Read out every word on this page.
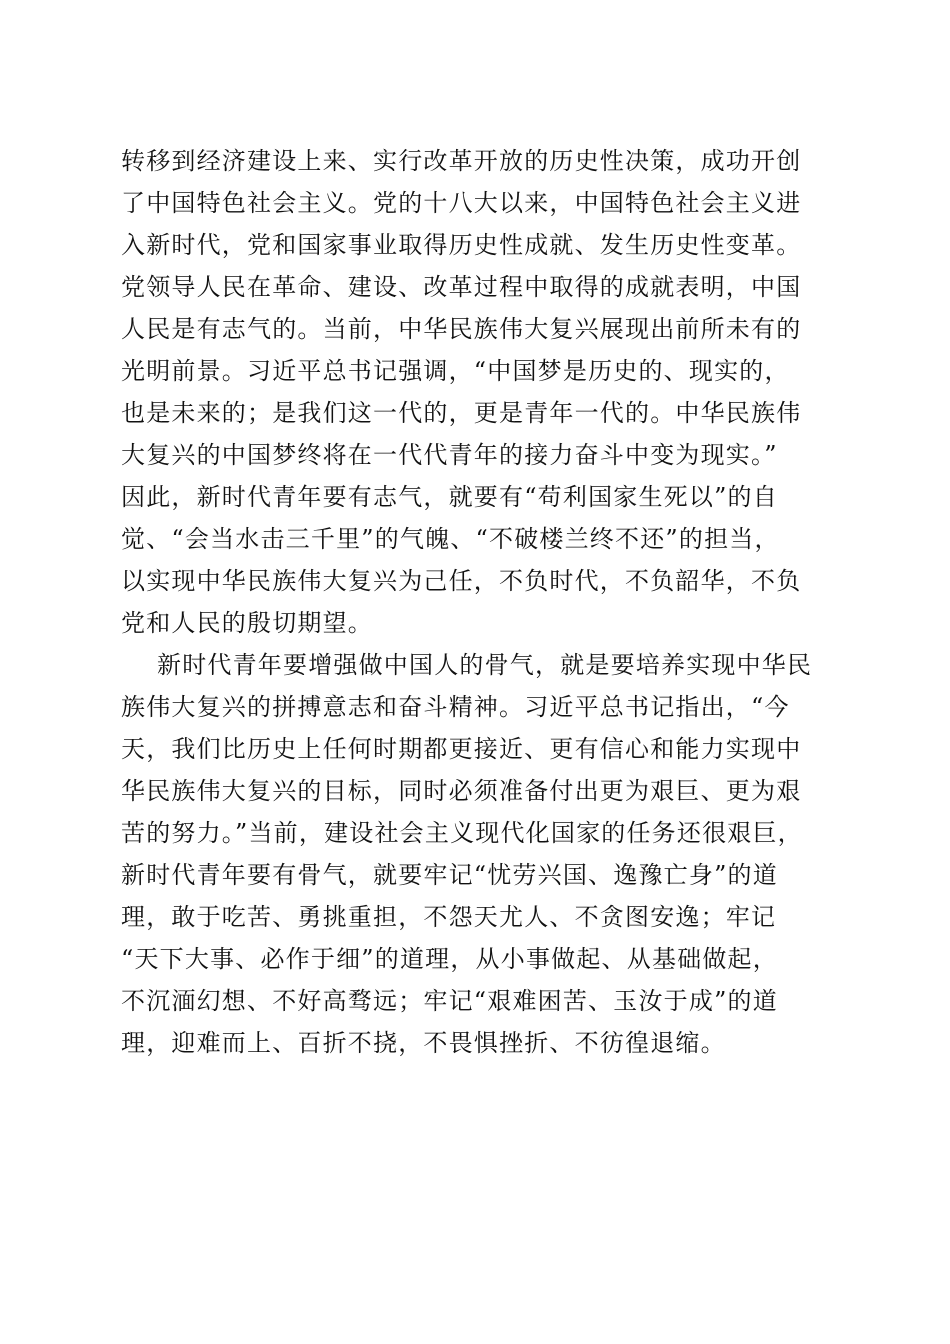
转移到经济建设上来、实行改革开放的历史性决策，成功开创
了中国特色社会主义。党的十八大以来，中国特色社会主义进
入新时代，党和国家事业取得历史性成就、发生历史性变革。
党领导人民在革命、建设、改革过程中取得的成就表明，中国
人民是有志气的。当前，中华民族伟大复兴展现出前所未有的
光明前景。习近平总书记强调，“中国梦是历史的、现实的，
也是未来的；是我们这一代的，更是青年一代的。中华民族伟
大复兴的中国梦终将在一代代青年的接力奋斗中变为现实。”
因此，新时代青年要有志气，就要有“苟利国家生死以”的自
觉、“会当水击三千里”的气魄、“不破楼兰终不还”的担当，
以实现中华民族伟大复兴为己任，不负时代，不负韶华，不负
党和人民的殷切期望。
新时代青年要增强做中国人的骨气，就是要培养实现中华民
族伟大复兴的拼搏意志和奋斗精神。习近平总书记指出，“今
天，我们比历史上任何时期都更接近、更有信心和能力实现中
华民族伟大复兴的目标，同时必须准备付出更为艰巨、更为艰
苦的努力。”当前，建设社会主义现代化国家的任务还很艰巨，
新时代青年要有骨气，就要牢记“忧劳兴国、逸豫亡身”的道
理，敢于吃苦、勇挑重担，不怨天尤人、不贪图安逸；牢记
“天下大事、必作于细”的道理，从小事做起、从基础做起，
不沉湎幻想、不好高骛远；牢记“艰难困苦、玉汝于成”的道
理，迎难而上、百折不挠，不畏惧挫折、不彷徨退缩。
